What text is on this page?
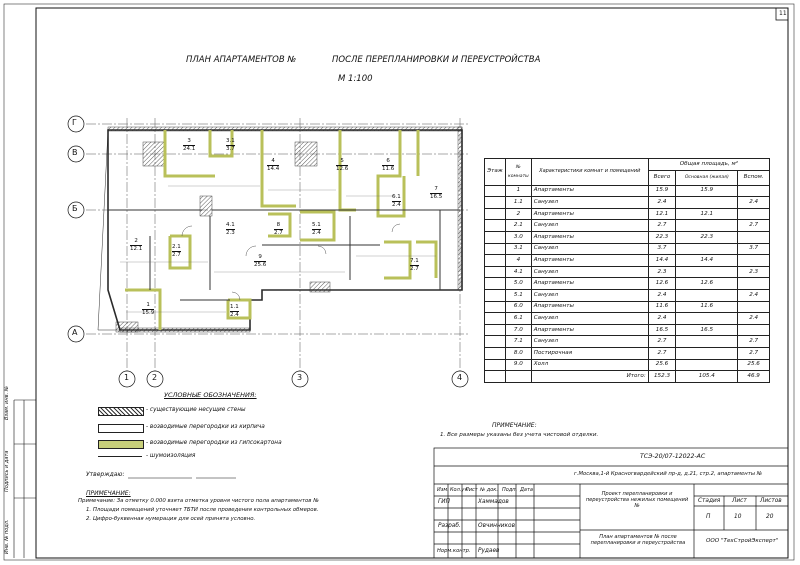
11
ПЛАН АПАРТАМЕНТОВ №	ПОСЛЕ ПЕРЕПЛАНИРОВКИ И ПЕРЕУСТРОЙСТВА
М 1:100
Г
В
Б
А
1	2	3	4
3
24.1
3.1
3.7
4
14.4
5
12.6
6
11.6
7
16.5
6.1
2.4
5.1
2.4
8
2.7
9
25.6
2
12.1	2.1
2.7
4.1
2.3
7.1
2.7
1
15.9
1.1
2.4
Этаж	№ комнаты	Характеристики комнат и помещений	Общая площадь, м²		
			Всего	Основная (жилая)	Вспом.
	1	Апартаменты	15.9	15.9	
	1.1	Санузел	2.4		2.4
	2	Апартаменты	12.1	12.1	
	2.1	Санузел	2.7		2.7
	3.0	Апартаменты	22.3	22.3	
	3.1	Санузел	3.7		3.7
	4	Апартаменты	14.4	14.4	
	4.1	Санузел	2.3		2.3
	5.0	Апартаменты	12.6	12.6	
	5.1	Санузел	2.4		2.4
	6.0	Апартаменты	11.6	11.6	
	6.1	Санузел	2.4		2.4
	7.0	Апартаменты	16.5	16.5	
	7.1	Санузел	2.7		2.7
	8.0	Постирочная	2.7		2.7
	9.0	Холл	25.6		25.6
		Итого:	152.3	105.4	46.9
УСЛОВНЫЕ ОБОЗНАЧЕНИЯ:
- существующие несущие стены
- возводимые перегородки из кирпича
- возводимые перегородки из гипсокартона
- шумоизоляция
Утверждаю:
ПРИМЕЧАНИЕ:
1. Все размеры указаны без учета чистовой отделки.
ПРИМЕЧАНИЕ:
Примечание: За отметку 0.000 взята отметка уровня чистого пола апартаментов №
1. Площади помещений уточняет ТБТИ после проведения контрольных обмеров.
2. Цифро-буквенная нумерация для осей принята условно.
ТСЭ-20/07-12022-АС
г.Москва,1-й Красногвардейский пр-д, д.21, стр.2, апартаменты №
Проект перепланировки и переустройства нежилых помещений №
План апартаментов № после перепланировки и переустройства	ООО "ТехСтройЭксперт"
Изм. Кол.уч
Лист № док. Подп. Дата
ГИП	Хаммадов
Разраб.	Овчинников
Норм.контр. Рудаев
Стадия Лист Листов
П	10	20
Взам. инв. №
Подпись и дата
Инв. № подл.
